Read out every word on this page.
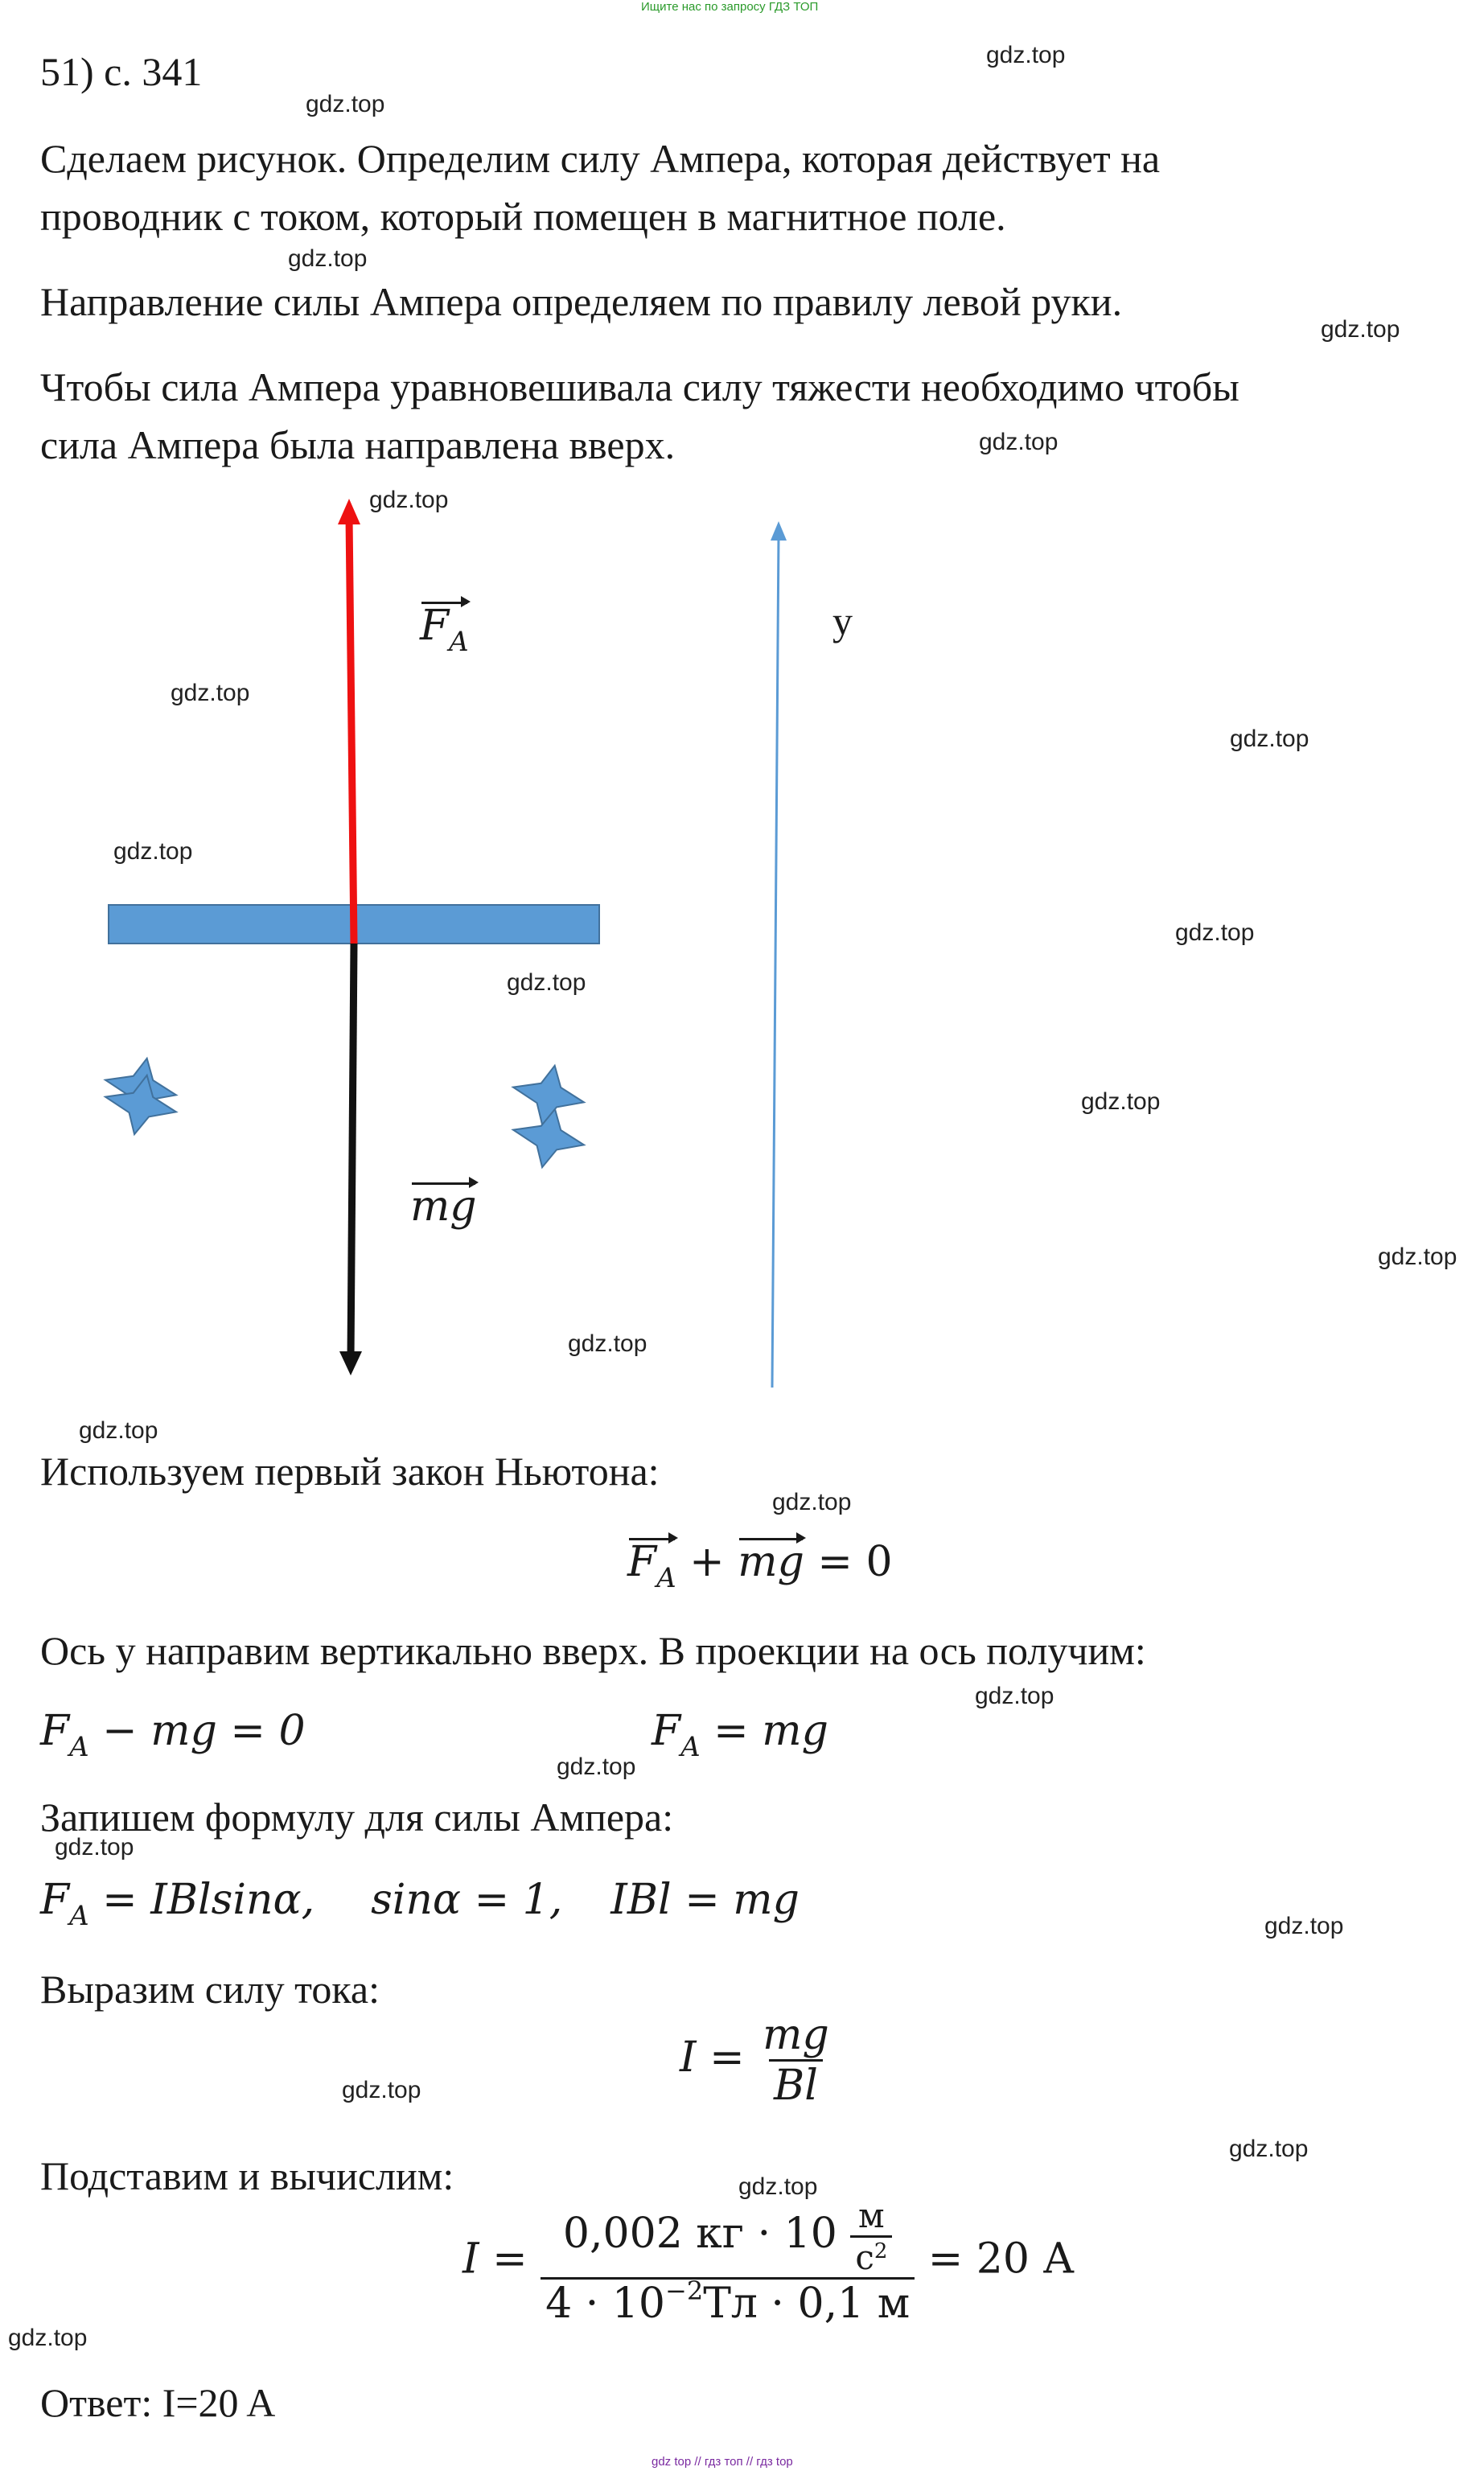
Ищите нас по запросу ГДЗ ТОП
gdz top // гдз топ // гдз top
51) с. 341
Сделаем рисунок. Определим силу Ампера, которая действует на
проводник с током, который помещен в магнитное поле.
Направление силы Ампера определяем по правилу левой руки.
Чтобы сила Ампера уравновешивала силу тяжести необходимо чтобы
сила Ампера была направлена вверх.
$F_A$
mg
y
Используем первый закон Ньютона:
$F_A$ + mg = 0
Ось y направим вертикально вверх. В проекции на ось получим:
$F_A$ − mg = 0	$F_A$ = mg
Запишем формулу для силы Ампера:
$F_A = IBlsin\alpha$, sinα = 1, IBl = mg
Выразим силу тока:
$I = \frac{mg}{Bl}$
Подставим и вычислим:
$I = \frac{0,002 кг \cdot 10 \frac{м}{с^2}}{4 \cdot 10^{-2}Тл \cdot 0,1 м} = 20$ А
Ответ: I=20 A
gdz.top
gdz.top
gdz.top
gdz.top
gdz.top
gdz.top
gdz.top
gdz.top
gdz.top
gdz.top
gdz.top
gdz.top
gdz.top
gdz.top
gdz.top
gdz.top
gdz.top
gdz.top
gdz.top
gdz.top
gdz.top
gdz.top
gdz.top
gdz.top
